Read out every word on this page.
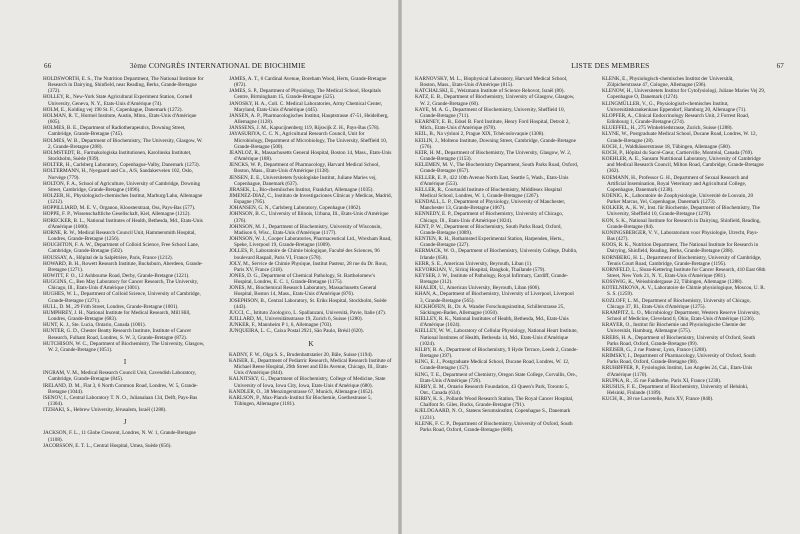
66	3ème CONGRÈS INTERNATIONAL DE BIOCHIMIE

HOLDSWORTH, E. S., The Nutrition Department, The National Institute for Research in Dairying, Shinfield, near Reading, Berks, Grande-Bretagne (372).

HOLLEY, R., New-York State Agricultural Experiment Station, Cornell University, Geneva, N. Y., Etats-Unis d'Amérique (74).

HOLM, E., Kolding vej 190 St. F., Copenhague, Danemark (1272).

HOLMAN, R. T., Hormel Institute, Austin, Minn., Etats-Unis d'Amérique (605).

HOLMES, B. E., Department of Radiotherapeutics, Downing Street, Cambridge, Grande-Bretagne (745).

HOLMES, W. B., Department of Biochemistry, The University, Glasgow, W. 2, Grande-Bretagne (208).

HOLMSTEDT, B., Farmakologiska Institutionen, Karolinska Institutet, Stockholm, Suède (939).

HOLTER, H., Carlsberg Laboratory, Copenhague-Valby, Danemark (1273).

HOLTERMANN, H., Nyegaard and Co., A/S, Sandakerveien 102, Oslo, Norvège (779).

HOLTON, F. A., School of Agriculture, University of Cambridge, Downing Street, Cambridge, Grande-Bretagne (1096).

HOLZER, H., Physiologisch-chemisches Institut, Marburg/Lahn, Allemagne (1212).

HOPPILLIARD, M. E. V., Organon, Kloosterstraat, Oss, Pays-Bas (577).

HOPPE, F. P., Wissenschaftliche Gesellschaft, Kiel, Allemagne (1212).

HORECKER, B. L., National Institutes of Health, Bethesda, Md., Etats-Unis d'Amérique (1000).

HORNE, R. W., Medical Research Council Unit, Hammersmith Hospital, Londres, Grande-Bretagne (1256).

HOUGHTON, F. A. W., Department of Colloid Science, Free School Lane, Cambridge, Grande-Bretagne (502).

HOUSSAY, A., Hôpital de la Salpêtrière, Paris, France (1212).

HOWARD, B. H., Rowett Research Institute, Bucksburn, Aberdeen, Grande-Bretagne (1271).

HOWITT, F. O., 12 Ashbourne Road, Derby, Grande-Bretagne (1221).

HUGGINS, C., Ben May Laboratory for Cancer Research, The University, Chicago, Ill., Etats-Unis d'Amérique (1001).

HUGHES, W. L., Department of Colloid Science, University of Cambridge, Grande-Bretagne (1271).

HULL, D. M., 29 Frith Street, Londres, Grande-Bretagne (1001).

HUMPHREY, J. H., National Institute for Medical Research, Mill Hill, Londres, Grande-Bretagne (683).

HUNT, K. J., Ste. Lucia, Ontario, Canada (1001).

HUNTER, G. D., Chester Beatty Research Institute, Institute of Cancer Research, Fulham Road, Londres, S. W. 3, Grande-Bretagne (872).

HUTCHISON, W. C., Department of Biochemistry, The University, Glasgow, W. 2, Grande-Bretagne (1051).

I

INGRAM, V. M., Medical Research Council Unit, Cavendish Laboratory, Cambridge, Grande-Bretagne (845).

IRELAND, D. M., Flat 3, 6 North Common Road, Londres, W. 5, Grande-Bretagne (1044).

ISENOV, I., Central Laboratory T. N. O., Julianalaan 134, Delft, Pays-Bas (1304).

ITZHAKI, S., Hebrew University, Jérusalem, Israël (1288).

J

JACKSON, F. L., 11 Globe Crescent, Londres, N. W. 1, Grande-Bretagne (1108).

JACOBSSON, E. T. L., Central Hospital, Umea, Suède (656).

JAMES, A. T., 6 Cardinal Avenue, Boreham Wood, Herts, Grande-Bretagne (872).

JAMES, S. P., Department of Physiology, The Medical School, Hospitals Centre, Birmingham 15, Grande-Bretagne (525).

JANOSKY, H. A., Coll. C. Medical Laboratories, Army Chemical Center, Maryland, Etats-Unis d'Amérique (445).

JANSEN, A. P., Pharmacologisches Institut, Hauptstrasse 47-51, Heidelberg, Allemagne (1128).

JANSSENS, J. M., Kapucijnenberg 119, Rijswijk Z. H., Pays-Bas (578).

JAYASURIYA, C. C. N., Agricultural Research Council, Unit for Microbiology, Department of Microbiology, The University, Sheffield 10, Grande-Bretagne (500).

JEANLOZ, R., Massachusetts General Hospital, Boston 14, Mass., Etats-Unis d'Amérique (188).

JENCKS, W. P., Department of Pharmacology, Harvard Medical School, Boston, Mass., Etats-Unis d'Amérique (1138).

JENSEN, E. E., Universitetets fysiologiske Institut, Juliane Maries vej, Copenhague, Danemark (637).

JIRASEK, L., Bio-chemiisches Institut, Frankfurt, Allemagne (1035).

JIMENEZ-DIAZ, C., Instituto de Investigaciones Clinicas y Medicas, Madrid, Espagne (785).

JOHANSEN, G. N., Carlsberg Laboratory, Copenhague (1062).

JOHNSON, B. C., University of Illinois, Urbana, Ill., Etats-Unis d'Amérique (376).

JOHNSON, M. J., Department of Biochemistry, University of Wisconsin, Madison 6, Wisc., Etats-Unis d'Amérique (1177).

JOHNSON, W. J., Cooper Laboratories, Pharmaceutical Ltd., Wrexham Road, Speke, Liverpool 19, Grande-Bretagne (1009).

JOLLES, P., Laboratoire de Chimie biologique, Faculté des Sciences, 96 boulevard Raspail, Paris VI, France (578).

JOLY, M., Service de Chimie Physique, Institut Pasteur, 28 rue du Dr. Roux, Paris XV, France (318).

JONES, D. G., Department of Chemical Pathology, St. Bartholomew's Hospital, Londres, E. C. 1, Grande-Bretagne (1175).

JONES, M., Biochemical Research Laboratory, Massachusetts General Hospital, Boston 14, Mass., Etats-Unis d'Amérique (876).

JOSEPHSON, B., Central Laboratory, St. Eriks Hospital, Stockholm, Suède (443).

JUCCI, C., Istituto Zoologico, L. Spallanzani, Università, Pavie, Italie (47).

JUILLARD, M., Universitätsstrasse 19, Zurich 6, Suisse (1280).

JUNKER, F., Mannheim P 1, 6, Allemagne (703).

JUNQUEIRA, L. C., Caixa Postal 2921, São Paulo, Brésil (620).

K

KADNY, F. W., Olga S. S., Brudenbattstatier 20, Bâle, Suisse (1194).

KAISER, E., Department of Pediatric Research, Medical Research Institute of Michael Reese Hospital, 29th Street and Ellis Avenue, Chicago, Ill., Etats-Unis d'Amérique (844).

KALNITSKY, G., Department of Biochemistry, College of Medicine, State University of Iowa, Iowa City, Iowa, Etats-Unis d'Amérique (680).

KANDLER, O., 38 Menzingerstrasse 67, Munich, Allemagne (1052).

KARLSON, P., Max-Planck-Institut für Biochemie, Goethestrasse 5, Tübingen, Allemagne (1181).

LISTE DES MEMBRES	67

KARNOVSKY, M. L., Biophysical Laboratory, Harvard Medical School, Boston, Mass., Etats-Unis d'Amérique (815).

KATCHALSKI, E., Weizmann Institute of Science Rehovot, Israël (80).

KATZ, E. B., Department of Biochemistry, University of Glasgow, Glasgow, W. 2, Grande-Bretagne (60).

KAYE, M. A. G., Department of Biochemistry, University, Sheffield 10, Grande-Bretagne (711).

KEARNEY, E. B., Edsel B. Ford Institute, Henry Ford Hospital, Detroit 2, Mich., Etats-Unis d'Amérique (678).

KEIL, B., Na výsluní 2, Prague XIX, Tchécoslovaquie (1308).

KEILIN, J., Molteno Institute, Downing Street, Cambridge, Grande-Bretagne (576).

KEIR, H. M., Department of Biochemistry, The University, Glasgow, W. 2, Grande-Bretagne (1153).

KELEMEN, M. V., The Biochemistry Department, South Parks Road, Oxford, Grande-Bretagne (657).

KELLER, E. P., 422 10th Avenue North East, Seattle 5, Wash., Etats-Unis d'Amérique (553).

KELLER, R., Courtauld Institute of Biochemistry, Middlesex Hospital Medical School, Londres, W. 1, Grande-Bretagne (1267).

KENDALL, L. P., Department of Physiology, University of Manchester, Manchester 13, Grande-Bretagne (1067).

KENNEDY, E. P., Department of Biochemistry, University of Chicago, Chicago, Ill., Etats-Unis d'Amérique (1024).

KENT, P. W., Department of Biochemistry, South Parks Road, Oxford, Grande-Bretagne (1089).

KENTEN, R. H., Rothamsted Experimental Station, Harpenden, Herts., Grande-Bretagne (327).

KERMACK, W. O., Department of Biochemistry, University College, Dublin, Irlande (658).

KERR, S. E., American University, Beyrouth, Liban (1).

KEVORKIAN, V., Siriraj Hospital, Bangkok, Thaïlande (579).

KEYSER, J. W., Institute of Pathology, Royal Infirmary, Cardiff, Grande-Bretagne (312).

KHALIDI, U., American University, Beyrouth, Liban (606).

KHAN, A., Department of Biochemistry, University of Liverpool, Liverpool 3, Grande-Bretagne (565).

KICKHÖFEN, B., Dr. A. Wander Forschungsinstitut, Schillerstrasse 25, Säckingen-Baden, Allemagne (1050).

KIELLEY, R. K., National Institutes of Health, Bethesda, Md., Etats-Unis d'Amérique (1024).

KIELLEY, W. W., Laboratory of Cellular Physiology, National Heart Institute, National Institutes of Health, Bethesda 14, Md., Etats-Unis d'Amérique (1024).

KILBY, B. A., Department of Biochemistry, 9 Hyde Terrace, Leeds 2, Grande-Bretagne (397).

KING, E. J., Postgraduate Medical School, Ducane Road, Londres, W. 12, Grande-Bretagne (157).

KING, T. E., Department of Chemistry, Oregon State College, Corvallis, Ore., Etats-Unis d'Amérique (726).

KIRBY, E. M., Ontario Research Foundation, 43 Queen's Park, Toronto 5, Ont., Canada (634).

KIRBY, K. S., Pollards Wood Research Station, The Royal Cancer Hospital, Chalfont St. Giles, Bucks, Grande-Bretagne (791).

KJELDGAARD, N. O., Statens Serumsinstitut, Copenhague S., Danemark (1231).

KLENK, F. C. P., Department of Biochemistry, University of Oxford, South Parks Road, Oxford, Grande-Bretagne (680).

KLENK, E., Physiologisch-chemisches Institut der Universität, Zülpicherstrasse 47, Cologne, Allemagne (596).

KLENOW, H., Universitetets Institut for Cytofysiologi, Juliane Maries Vej 29, Copenhague O, Danemark (1274).

KLINGMÜLLER, V., G., Physiologisch-chemisches Institut, Universitätskrankenhaus Eppendorf, Hamburg 20, Allemagne (71).

KLOPFER, A., Clinical Endocrinology Research Unit, 2 Forrest Road, Edinbourg 1, Grande-Bretagne (274).

KLUEFFEL, H., 275 Winkelriedstrasse, Zurich, Suisse (1288).

KLYNE, W., Postgraduate Medical School, Ducane Road, Londres, W. 12, Grande-Bretagne (28).

KOCH, J., Waldhäuserstrasse 18, Tübingen, Allemagne (580).

KOCH, P., Hôpital du Sacré-Cœur, Cartierville, Montréal, Canada (769).

KOEHLER, A. E., Sansum Nutritional Laboratory, University of Cambridge and Medical Research Council, Milton Road, Cambridge, Grande-Bretagne (362).

KOEMANN, H., Professor G. H., Department of Sexual Research and Artificial Insemination, Royal Veterinary and Agricultural College, Copenhague, Danemark (1238).

KOENIG, K., Laboratoire de Zoophysiologie, Université de Louvain, 20 Parker Marcus, Yel, Copenhague, Danemark (1273).

KOLKER, A., K. W., Inst. für Biochemie, Department of Biochemistry, The University, Sheffield 10, Grande-Bretagne (1270).

KON, S. K., National Institute for Research in Dairying, Shinfield, Reading, Grande-Bretagne (84).

KONINGSBERGER, V. V., Laboratorium voor Physiologie, Utrecht, Pays-Bas (427).

KOOS, R. K., Nutrition Department, The National Institute for Research in Dairying, Shinfield, Reading, Berks, Grande-Bretagne (288).

KORNBERG, H. L., Department of Biochemistry, University of Cambridge, Tennis Court Road, Cambridge, Grande-Bretagne (1195).

KORNFELD, L., Sloan-Kettering Institute for Cancer Research, 410 East 68th Street, New York 21, N. Y., Etats-Unis d'Amérique (981).

KOSSWIG, K., Weissbindergasse 22, Tübingen, Allemagne (1288).

KOTELNIKOVA, A. V., Laboratoire de Chimie physiologique, Moscou, U. R. S. S. (1259).

KOZLOFF, L. M., Department of Biochemistry, University of Chicago, Chicago 37, Ill., Etats-Unis d'Amérique (1275).

KRAMPITZ, L. O., Microbiology Department, Western Reserve University, School of Medicine, Cleveland 6, Ohio, Etats-Unis d'Amérique (1236).

KRAYER, O., Institut für Biochemie und Physiologische Chemie der Universität, Hamburg, Allemagne (575).

KREBS, H. A., Department of Biochemistry, University of Oxford, South Parks Road, Oxford, Grande-Bretagne (99).

KREISER, G., 2 rue Pasteur, Lyon, France (1288).

KRIMSKY, I., Department of Pharmacology, University of Oxford, South Parks Road, Oxford, Grande-Bretagne (98).

KRUHØFFER, P., Fysiologisk Institut, Los Angeles 24, Cal., Etats-Unis d'Amérique (1170).

KRUPKA, R., 35 rue Faidherbe, Paris XI, France (1238).

KRUSIUS, F. E., Department of Biochemistry, University of Helsinki, Helsinki, Finlande (1189).

KUCH, R., 38 rue Lacretelle, Paris XV, France (840).
